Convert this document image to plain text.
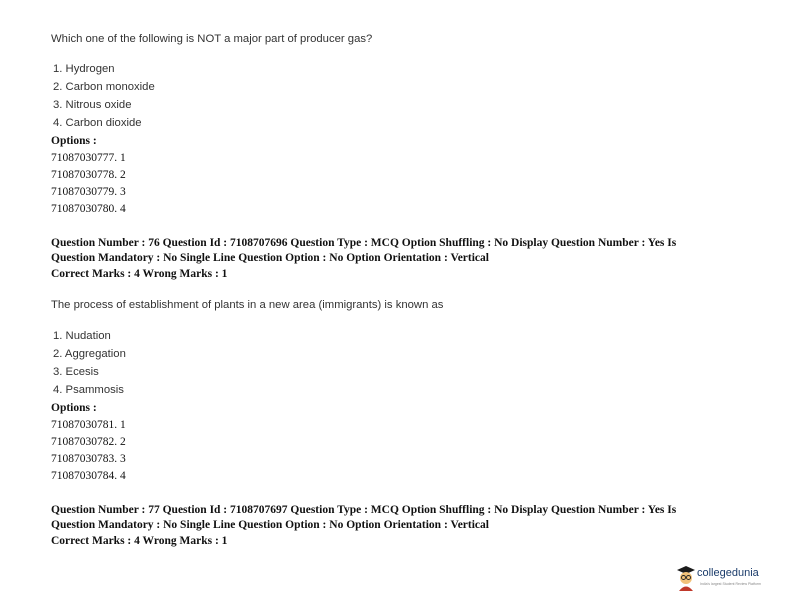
Which one of the following is NOT a major part of producer gas?
1. Hydrogen
2. Carbon monoxide
3. Nitrous oxide
4. Carbon dioxide
Options :
71087030777. 1
71087030778. 2
71087030779. 3
71087030780. 4
Question Number : 76 Question Id : 7108707696 Question Type : MCQ Option Shuffling : No Display Question Number : Yes Is
Question Mandatory : No Single Line Question Option : No Option Orientation : Vertical
Correct Marks : 4 Wrong Marks : 1
The process of establishment of plants in a new area (immigrants) is known as
1. Nudation
2. Aggregation
3. Ecesis
4. Psammosis
Options :
71087030781. 1
71087030782. 2
71087030783. 3
71087030784. 4
Question Number : 77 Question Id : 7108707697 Question Type : MCQ Option Shuffling : No Display Question Number : Yes Is
Question Mandatory : No Single Line Question Option : No Option Orientation : Vertical
Correct Marks : 4 Wrong Marks : 1
collegedunia
India's largest Student Review Platform
